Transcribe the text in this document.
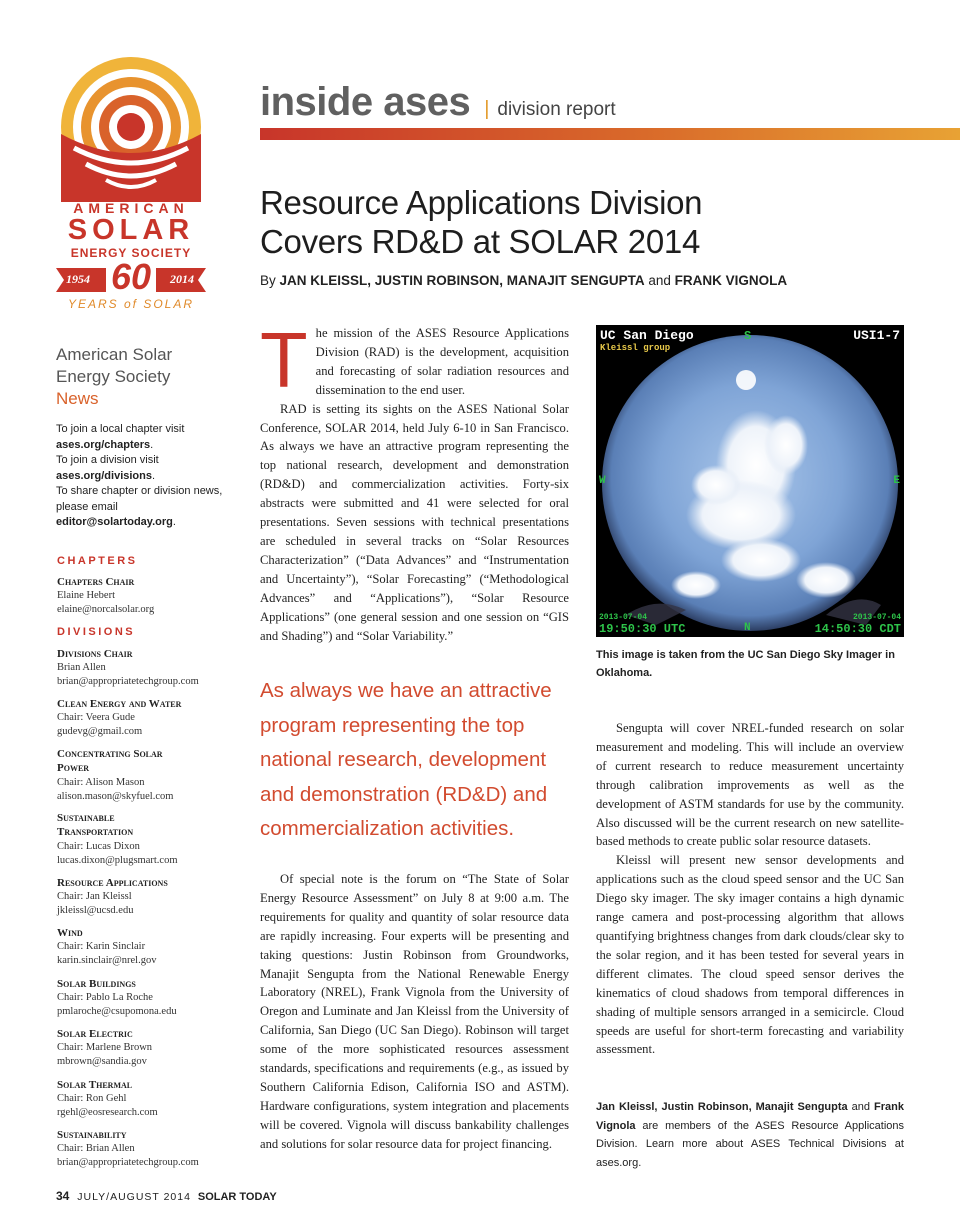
AMERICAN
SOLAR
ENERGY SOCIETY
1954 60	2014
YEARS of SOLAR
American Solar
Energy Society
News
To join a local chapter visit
ases.org/chapters.
To join a division visit
ases.org/divisions.
To share chapter or division news, please email
editor@solartoday.org.
CHAPTERS
Chapters Chair
Elaine Hebert
elaine@norcalsolar.org
DIVISIONS
Divisions Chair
Brian Allen
brian@appropriatetechgroup.com
Clean Energy and Water
Chair: Veera Gude
gudevg@gmail.com
Concentrating Solar Power
Chair: Alison Mason
alison.mason@skyfuel.com
Sustainable Transportation
Chair: Lucas Dixon
lucas.dixon@plugsmart.com
Resource Applications
Chair: Jan Kleissl
jkleissl@ucsd.edu
Wind
Chair: Karin Sinclair
karin.sinclair@nrel.gov
Solar Buildings
Chair: Pablo La Roche
pmlaroche@csupomona.edu
Solar Electric
Chair: Marlene Brown
mbrown@sandia.gov
Solar Thermal
Chair: Ron Gehl
rgehl@eosresearch.com
Sustainability
Chair: Brian Allen
brian@appropriatetechgroup.com
inside ases | division report
Resource Applications Division
Covers RD&D at SOLAR 2014
By JAN KLEISSL, JUSTIN ROBINSON, MANAJIT SENGUPTA and FRANK VIGNOLA

The mission of the ASES Resource Applications Division (RAD) is the development, acquisition and forecasting of solar radiation resources and dissemination to the end user.

RAD is setting its sights on the ASES National Solar Conference, SOLAR 2014, held July 6-10 in San Francisco. As always we have an attractive program representing the top national research, development and demonstration (RD&D) and commercialization activities. Forty-six abstracts were submitted and 41 were selected for oral presentations. Seven sessions with technical presentations are scheduled in several tracks on “Solar Resources Characterization” (“Data Advances” and “Instrumentation and Uncertainty”), “Solar Forecasting” (“Methodological Advances” and “Applications”), “Solar Resource Applications” (one general session and one session on “GIS and Shading”) and “Solar Variability.”

As always we have an attractive program representing the top national research, development and demonstration (RD&D) and commercialization activities.

Of special note is the forum on “The State of Solar Energy Resource Assessment” on July 8 at 9:00 a.m. The requirements for quality and quantity of solar resource data are rapidly increasing. Four experts will be presenting and taking questions: Justin Robinson from Groundworks, Manajit Sengupta from the National Renewable Energy Laboratory (NREL), Frank Vignola from the University of Oregon and Luminate and Jan Kleissl from the University of California, San Diego (UC San Diego). Robinson will target some of the more sophisticated resources assessment standards, specifications and requirements (e.g., as issued by Southern California Edison, California ISO and ASTM). Hardware configurations, system integration and placements will be covered. Vignola will discuss bankability challenges and solutions for solar resource data for project financing.

UC San Diego
Kleissl group
USI1-7
S
W	E
N
2013-07-04
19:50:30 UTC
2013-07-04
14:50:30 CDT
This image is taken from the UC San Diego Sky Imager in Oklahoma.

Sengupta will cover NREL-funded research on solar measurement and modeling. This will include an overview of current research to reduce measurement uncertainty through calibration improvements as well as the development of ASTM standards for use by the community. Also discussed will be the current research on new satellite-based methods to create public solar resource datasets.

Kleissl will present new sensor developments and applications such as the cloud speed sensor and the UC San Diego sky imager. The sky imager contains a high dynamic range camera and post-processing algorithm that allows quantifying brightness changes from dark clouds/clear sky to the solar region, and it has been tested for several years in different climates. The cloud speed sensor derives the kinematics of cloud shadows from temporal differences in shading of multiple sensors arranged in a semicircle. Cloud speeds are useful for short-term forecasting and variability assessment.

Jan Kleissl, Justin Robinson, Manajit Sengupta and Frank Vignola are members of the ASES Resource Applications Division. Learn more about ASES Technical Divisions at ases.org.
34 JULY/AUGUST 2014 SOLAR TODAY
